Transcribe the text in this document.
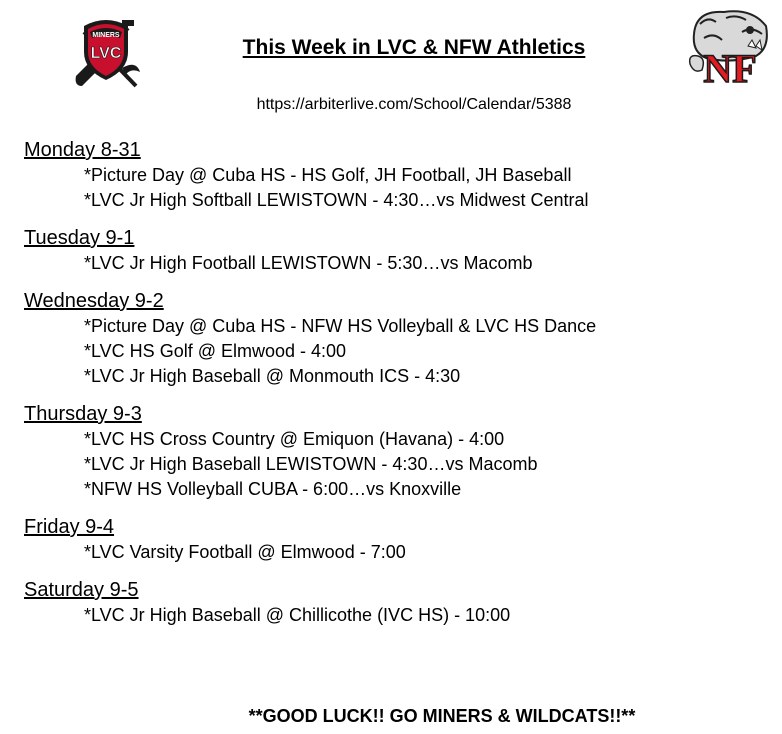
MINERS
LVC	NF
This Week in LVC & NFW Athletics
https://arbiterlive.com/School/Calendar/5388
Monday 8-31
*Picture Day @ Cuba HS - HS Golf, JH Football, JH Baseball
*LVC Jr High Softball LEWISTOWN - 4:30…vs Midwest Central
Tuesday 9-1
*LVC Jr High Football LEWISTOWN - 5:30…vs Macomb
Wednesday 9-2
*Picture Day @ Cuba HS - NFW HS Volleyball & LVC HS Dance
*LVC HS Golf @ Elmwood - 4:00
*LVC Jr High Baseball @ Monmouth ICS - 4:30
Thursday 9-3
*LVC HS Cross Country @ Emiquon (Havana) - 4:00
*LVC Jr High Baseball LEWISTOWN - 4:30…vs Macomb
*NFW HS Volleyball CUBA - 6:00…vs Knoxville
Friday 9-4
*LVC Varsity Football @ Elmwood - 7:00
Saturday 9-5
*LVC Jr High Baseball @ Chillicothe (IVC HS) - 10:00
**GOOD LUCK!! GO MINERS & WILDCATS!!**
